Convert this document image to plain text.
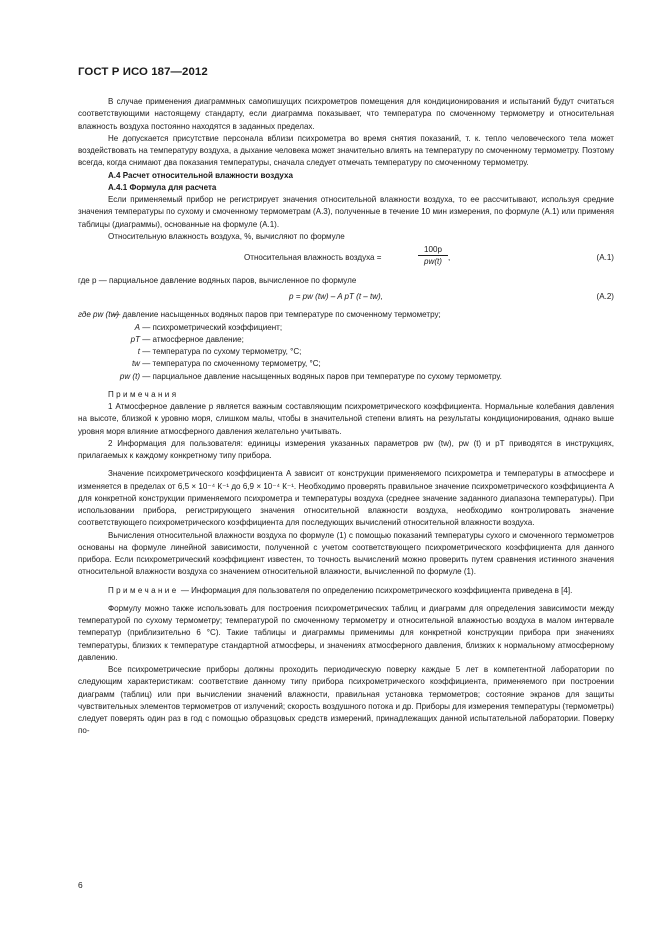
ГОСТ Р ИСО 187—2012

В случае применения диаграммных самопишущих психрометров помещения для кондиционирования и испытаний будут считаться соответствующими настоящему стандарту, если диаграмма показывает, что температура по смоченному термометру и относительная влажность воздуха постоянно находятся в заданных пределах.

Не допускается присутствие персонала вблизи психрометра во время снятия показаний, т. к. тепло человеческого тела может воздействовать на температуру воздуха, а дыхание человека может значительно влиять на температуру по смоченному термометру. Поэтому всегда, когда снимают два показания температуры, сначала следует отмечать температуру по смоченному термометру.

А.4 Расчет относительной влажности воздуха

А.4.1 Формула для расчета

Если применяемый прибор не регистрирует значения относительной влажности воздуха, то ее рассчитывают, используя средние значения температуры по сухому и смоченному термометрам (А.3), полученные в течение 10 мин измерения, по формуле (А.1) или применяя таблицы (диаграммы), основанные на формуле (А.1).

Относительную влажность воздуха, %, вычисляют по формуле

Относительная влажность воздуха =	$\frac{100p}{pw(t)}$ ,	(А.1)

где p — парциальное давление водяных паров, вычисленное по формуле

p = pw (tw) – A pT (t – tw),	(А.2)

где pw (tw) — давление насыщенных водяных паров при температуре по смоченному термометру;

A — психрометрический коэффициент;

pT — атмосферное давление;

t — температура по сухому термометру, °С;

tw — температура по смоченному термометру, °С;

pw (t) — парциальное давление насыщенных водяных паров при температуре по сухому термометру.

Примечания

1 Атмосферное давление p является важным составляющим психрометрического коэффициента. Нормальные колебания давления на высоте, близкой к уровню моря, слишком малы, чтобы в значительной степени влиять на результаты кондиционирования, однако выше уровня моря влияние атмосферного давления желательно учитывать.

2 Информация для пользователя: единицы измерения указанных параметров pw (tw), pw (t) и pT приводятся в инструкциях, прилагаемых к каждому конкретному типу прибора.

Значение психрометрического коэффициента A зависит от конструкции применяемого психрометра и температуры в атмосфере и изменяется в пределах от 6,5 × 10⁻⁴ К⁻¹ до 6,9 × 10⁻⁴ К⁻¹. Необходимо проверять правильное значение психрометрического коэффициента A для конкретной конструкции применяемого психрометра и температуры воздуха (среднее значение заданного диапазона температуры). При использовании прибора, регистрирующего значения относительной влажности воздуха, необходимо контролировать значение соответствующего психрометрического коэффициента для последующих вычислений относительной влажности воздуха.

Вычисления относительной влажности воздуха по формуле (1) с помощью показаний температуры сухого и смоченного термометров основаны на формуле линейной зависимости, полученной с учетом соответствующего психрометрического коэффициента для данного прибора. Если психрометрический коэффициент известен, то точность вычислений можно проверить путем сравнения истинного значения относительной влажности воздуха со значением относительной влажности, вычисленной по формуле (1).

Примечание — Информация для пользователя по определению психрометрического коэффициента приведена в [4].

Формулу можно также использовать для построения психрометрических таблиц и диаграмм для определения зависимости между температурой по сухому термометру; температурой по смоченному термометру и относительной влажностью воздуха в малом интервале температур (приблизительно 6 °С). Такие таблицы и диаграммы применимы для конкретной конструкции прибора при значениях температуры, близких к температуре стандартной атмосферы, и значениях атмосферного давления, близких к нормальному атмосферному давлению.

Все психрометрические приборы должны проходить периодическую поверку каждые 5 лет в компетентной лаборатории по следующим характеристикам: соответствие данному типу прибора психрометрического коэффициента, применяемого при построении диаграмм (таблиц) или при вычислении значений влажности, правильная установка термометров; состояние экранов для защиты чувствительных элементов термометров от излучений; скорость воздушного потока и др. Приборы для измерения температуры (термометры) следует поверять один раз в год с помощью образцовых средств измерений, принадлежащих данной испытательной лаборатории. Поверку по-

6
